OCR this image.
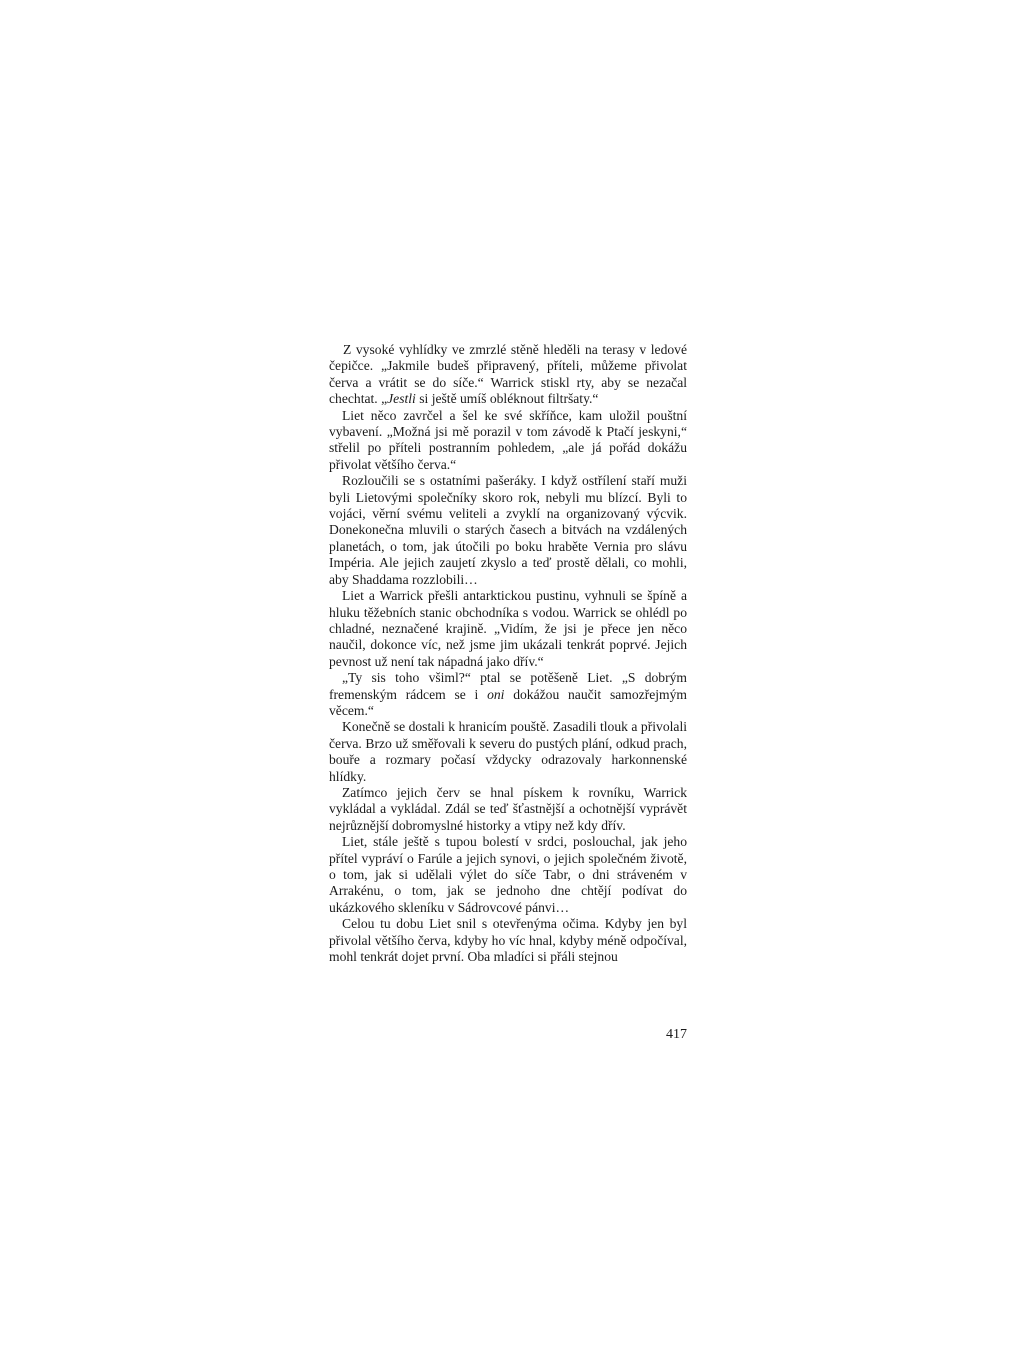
Z vysoké vyhlídky ve zmrzlé stěně hleděli na terasy v ledové čepičce. „Jakmile budeš připravený, příteli, můžeme přivolat červa a vrátit se do síče.“ Warrick stiskl rty, aby se nezačal chechtat. „Jestli si ještě umíš obléknout filtršaty.“

Liet něco zavrčel a šel ke své skříňce, kam uložil pouštní vybavení. „Možná jsi mě porazil v tom závodě k Ptačí jeskyni,“ střelil po příteli postranním pohledem, „ale já pořád dokážu přivolat většího červa.“

Rozloučili se s ostatními pašeráky. I když ostřílení staří muži byli Lietovými společníky skoro rok, nebyli mu blízcí. Byli to vojáci, věrní svému veliteli a zvyklí na organizovaný výcvik. Donekonečna mluvili o starých časech a bitvách na vzdálených planetách, o tom, jak útočili po boku hraběte Vernia pro slávu Impéria. Ale jejich zaujetí zkyslo a teď prostě dělali, co mohli, aby Shaddama rozzlobili…

Liet a Warrick přešli antarktickou pustinu, vyhnuli se špíně a hluku těžebních stanic obchodníka s vodou. Warrick se ohlédl po chladné, neznačené krajině. „Vidím, že jsi je přece jen něco naučil, dokonce víc, než jsme jim ukázali tenkrát poprvé. Jejich pevnost už není tak nápadná jako dřív.“

„Ty sis toho všiml?“ ptal se potěšeně Liet. „S dobrým fremenským rádcem se i oni dokážou naučit samozřejmým věcem.“

Konečně se dostali k hranicím pouště. Zasadili tlouk a přivolali červa. Brzo už směřovali k severu do pustých plání, odkud prach, bouře a rozmary počasí vždycky odrazovaly harkonnenské hlídky.

Zatímco jejich červ se hnal pískem k rovníku, Warrick vykládal a vykládal. Zdál se teď šťastnější a ochotnější vyprávět nejrůznější dobromyslné historky a vtipy než kdy dřív.

Liet, stále ještě s tupou bolestí v srdci, poslouchal, jak jeho přítel vypráví o Farúle a jejich synovi, o jejich společném životě, o tom, jak si udělali výlet do síče Tabr, o dni stráveném v Arrakénu, o tom, jak se jednoho dne chtějí podívat do ukázkového skleníku v Sádrovcové pánvi…

Celou tu dobu Liet snil s otevřenýma očima. Kdyby jen byl přivolal většího červa, kdyby ho víc hnal, kdyby méně odpočíval, mohl tenkrát dojet první. Oba mladíci si přáli stejnou

417
